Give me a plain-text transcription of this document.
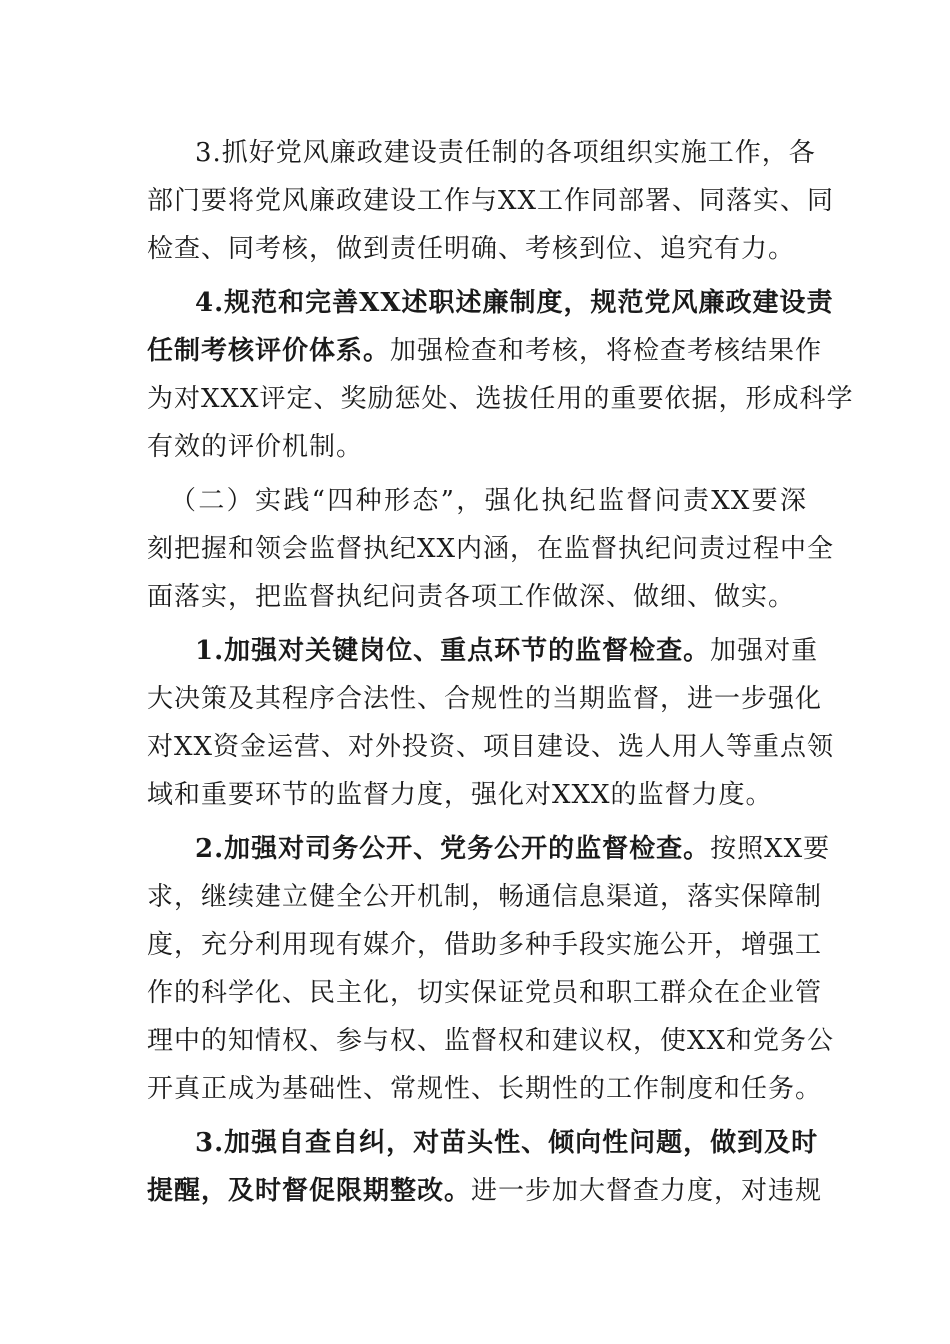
3.抓好党风廉政建设责任制的各项组织实施工作，各
部门要将党风廉政建设工作与XX工作同部署、同落实、同
检查、同考核，做到责任明确、考核到位、追究有力。
4.规范和完善XX述职述廉制度，规范党风廉政建设责
任制考核评价体系。加强检查和考核，将检查考核结果作
为对XXX评定、奖励惩处、选拔任用的重要依据，形成科学
有效的评价机制。
（二）实践“四种形态”，强化执纪监督问责XX要深
刻把握和领会监督执纪XX内涵，在监督执纪问责过程中全
面落实，把监督执纪问责各项工作做深、做细、做实。
1.加强对关键岗位、重点环节的监督检查。加强对重
大决策及其程序合法性、合规性的当期监督，进一步强化
对XX资金运营、对外投资、项目建设、选人用人等重点领
域和重要环节的监督力度，强化对XXX的监督力度。
2.加强对司务公开、党务公开的监督检查。按照XX要
求，继续建立健全公开机制，畅通信息渠道，落实保障制
度，充分利用现有媒介，借助多种手段实施公开，增强工
作的科学化、民主化，切实保证党员和职工群众在企业管
理中的知情权、参与权、监督权和建议权，使XX和党务公
开真正成为基础性、常规性、长期性的工作制度和任务。
3.加强自查自纠，对苗头性、倾向性问题，做到及时
提醒，及时督促限期整改。进一步加大督查力度，对违规
